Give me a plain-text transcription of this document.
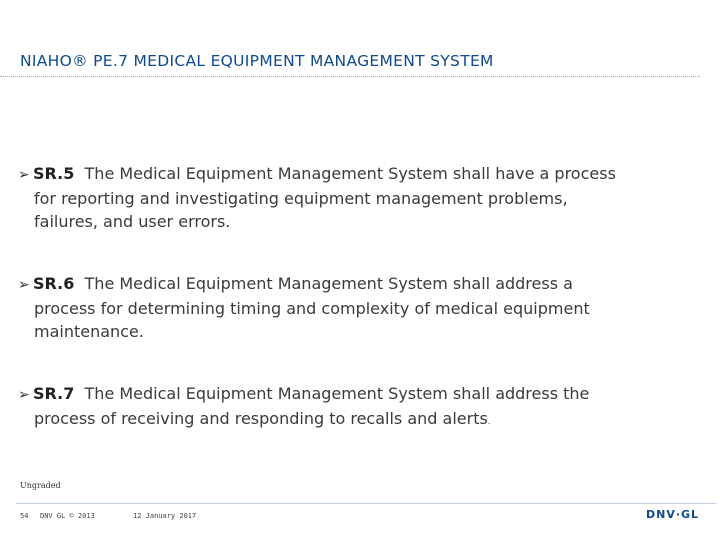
NIAHO® PE.7 MEDICAL EQUIPMENT MANAGEMENT SYSTEM
➢ SR.5 The Medical Equipment Management System shall have a process
for reporting and investigating equipment management problems,
failures, and user errors.
➢ SR.6 The Medical Equipment Management System shall address a
process for determining timing and complexity of medical equipment
maintenance.
➢ SR.7 The Medical Equipment Management System shall address the
process of receiving and responding to recalls and alerts.
Ungraded
54 DNV GL © 2013	12 January 2017	DNV·GL
